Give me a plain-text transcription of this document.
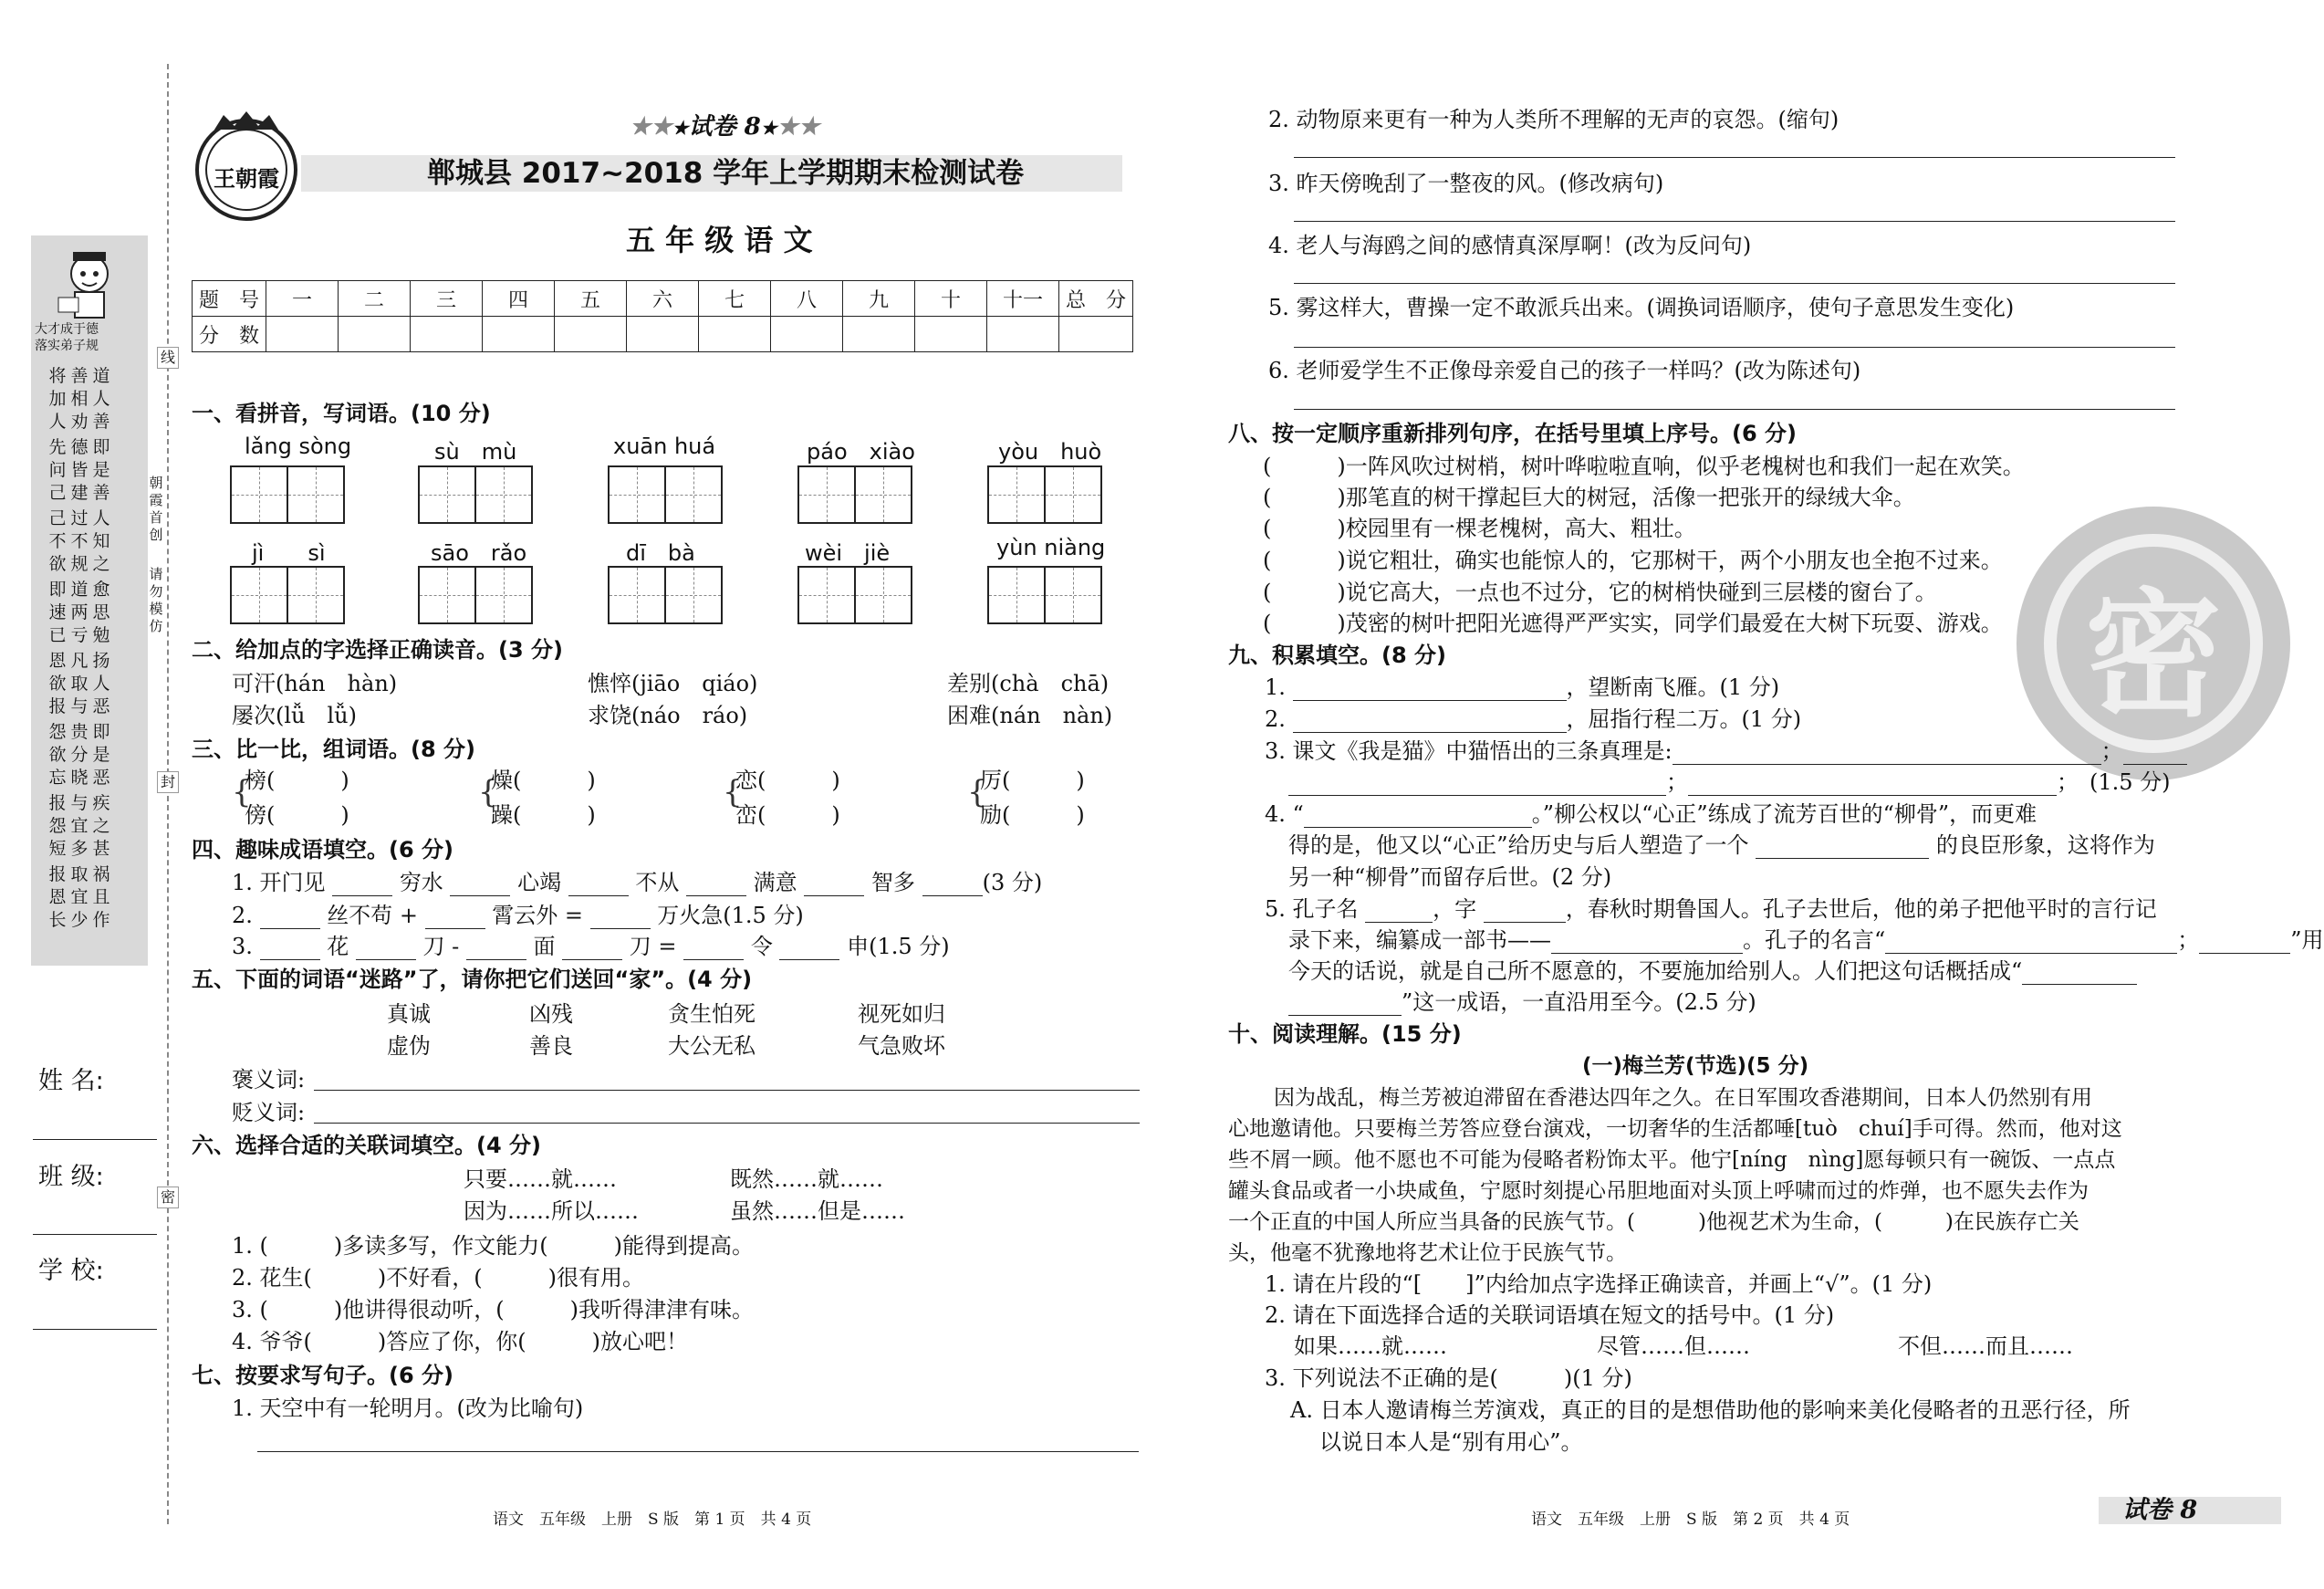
大才成于德
落实弟子规
道人善
善相劝
将加人
即是善
德皆建
先问己
人知之
过不规
己不欲
愈思勉
道两亏
即速已
扬人恶
凡取与
恩欲报
即是恶
贵分晓
怨欲忘
疾之甚
与宜多
报怨短
祸且作
取宜少
报恩长
线
封
密
朝霞首创
请勿模仿
姓 名:
班 级:
学 校:
王朝霞
★★★试卷 8★★★
郸城县 2017~2018 学年上学期期末检测试卷
五 年 级 语 文
题　号	一	二	三	四	五	六	七	八	九	十	十一	总　分
分　数												
一、看拼音，写词语。(10 分)
lǎng sòng	sù　mù	xuān huá	páo　xiào	yòu　huò
jì　　sì	sāo　rǎo	dī　bà	wèi　jiè	yùn niàng
二、给加点的字选择正确读音。(3 分)
可汗(hán　hàn)	憔悴(jiāo　qiáo)	差别(chà　chā)
屡次(lǚ　lǚ)	求饶(náo　ráo)	困难(nán　nàn)
三、比一比，组词语。(8 分)
{
榜(　　　)
傍(　　　)
{
燥(　　　)
躁(　　　)
{
恋(　　　)
峦(　　　)
{
厉(　　　)
励(　　　)
四、趣味成语填空。(6 分)
1. 开门见	穷水	心竭	不从	满意	智多	(3 分)
2.	丝不苟 +	霄云外 =	万火急(1.5 分)
3.	花	刀 -	面	刀 =	令	申(1.5 分)
五、下面的词语“迷路”了，请你把它们送回“家”。(4 分)
真诚	凶残	贪生怕死	视死如归
虚伪	善良	大公无私	气急败坏
褒义词:
贬义词:
六、选择合适的关联词填空。(4 分)
只要……就……	既然……就……
因为……所以……	虽然……但是……
1. (　　　)多读多写，作文能力(　　　)能得到提高。
2. 花生(　　　)不好看，(　　　)很有用。
3. (　　　)他讲得很动听，(　　　)我听得津津有味。
4. 爷爷(　　　)答应了你，你(　　　)放心吧！
七、按要求写句子。(6 分)
1. 天空中有一轮明月。(改为比喻句)
语文　五年级　上册　S 版　第 1 页　共 4 页
密
2. 动物原来更有一种为人类所不理解的无声的哀怨。(缩句)
3. 昨天傍晚刮了一整夜的风。(修改病句)
4. 老人与海鸥之间的感情真深厚啊！(改为反问句)
5. 雾这样大，曹操一定不敢派兵出来。(调换词语顺序，使句子意思发生变化)
6. 老师爱学生不正像母亲爱自己的孩子一样吗？(改为陈述句)
八、按一定顺序重新排列句序，在括号里填上序号。(6 分)
(　　　)一阵风吹过树梢，树叶哗啦啦直响，似乎老槐树也和我们一起在欢笑。
(　　　)那笔直的树干撑起巨大的树冠，活像一把张开的绿绒大伞。
(　　　)校园里有一棵老槐树，高大、粗壮。
(　　　)说它粗壮，确实也能惊人的，它那树干，两个小朋友也全抱不过来。
(　　　)说它高大，一点也不过分，它的树梢快碰到三层楼的窗台了。
(　　　)茂密的树叶把阳光遮得严严实实，同学们最爱在大树下玩耍、游戏。
九、积累填空。(8 分)
1.	，望断南飞雁。(1 分)
2.	，屈指行程二万。(1 分)
3. 课文《我是猫》中猫悟出的三条真理是:	；
；	；　 (1.5 分)
4. “	。”柳公权以“心正”练成了流芳百世的“柳骨”，而更难
得的是，他又以“心正”给历史与后人塑造了一个	的良臣形象，这将作为
另一种“柳骨”而留存后世。(2 分)
5. 孔子名	，字	，春秋时期鲁国人。孔子去世后，他的弟子把他平时的言行记
录下来，编纂成一部书——	。孔子的名言“	；	”用
今天的话说，就是自己所不愿意的，不要施加给别人。人们把这句话概括成“
”这一成语，一直沿用至今。(2.5 分)
十、阅读理解。(15 分)
(一)梅兰芳(节选)(5 分)
因为战乱，梅兰芳被迫滞留在香港达四年之久。在日军围攻香港期间，日本人仍然别有用
心地邀请他。只要梅兰芳答应登台演戏，一切奢华的生活都唾[tuò　chuí]手可得。然而，他对这
些不屑一顾。他不愿也不可能为侵略者粉饰太平。他宁[níng　nìng]愿每顿只有一碗饭、一点点
罐头食品或者一小块咸鱼，宁愿时刻提心吊胆地面对头顶上呼啸而过的炸弹，也不愿失去作为
一个正直的中国人所应当具备的民族气节。(　　　)他视艺术为生命，(　　　)在民族存亡关
头，他毫不犹豫地将艺术让位于民族气节。
1. 请在片段的“[　　]”内给加点字选择正确读音，并画上“√”。(1 分)
2. 请在下面选择合适的关联词语填在短文的括号中。(1 分)
如果……就……	尽管……但……	不但……而且……
3. 下列说法不正确的是(　　　)(1 分)
A. 日本人邀请梅兰芳演戏，真正的目的是想借助他的影响来美化侵略者的丑恶行径，所
以说日本人是“别有用心”。
语文　五年级　上册　S 版　第 2 页　共 4 页	试卷 8
